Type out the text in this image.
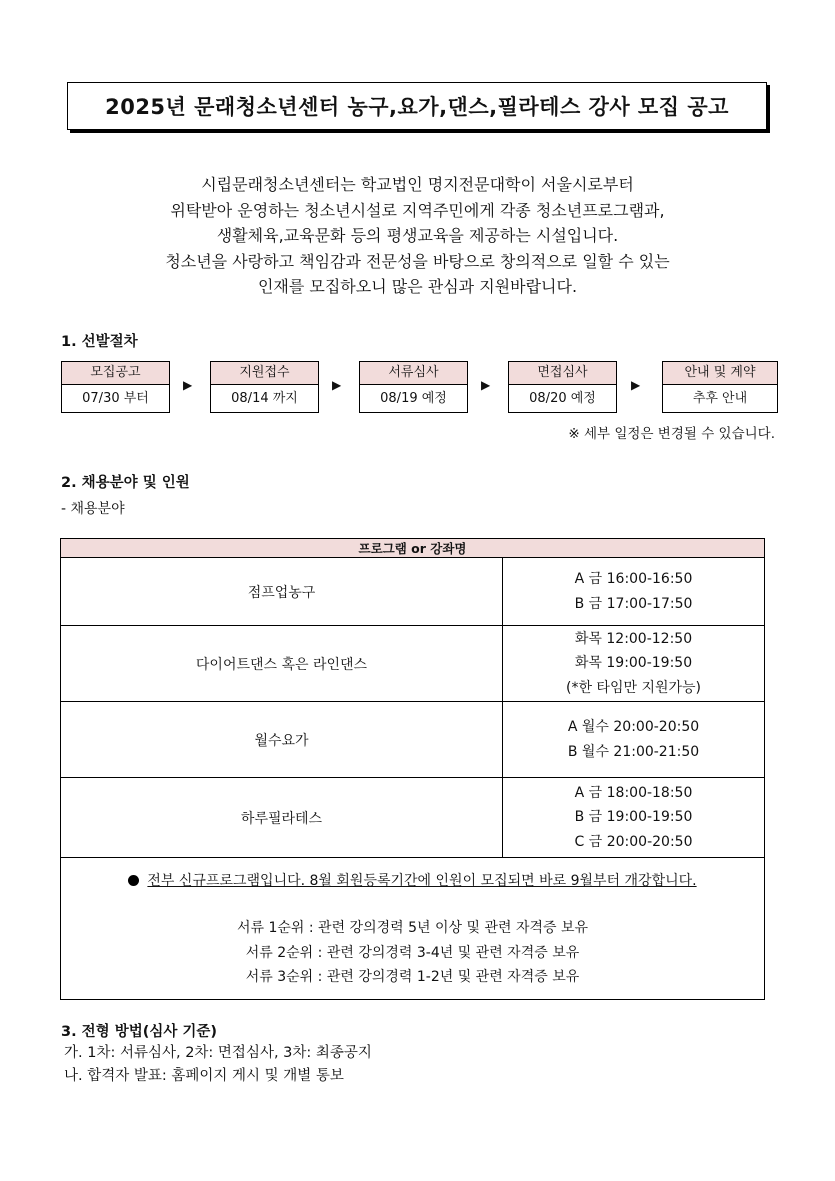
2025년 문래청소년센터 농구,요가,댄스,필라테스 강사 모집 공고
시립문래청소년센터는 학교법인 명지전문대학이 서울시로부터
위탁받아 운영하는 청소년시설로 지역주민에게 각종 청소년프로그램과,
생활체육,교육문화 등의 평생교육을 제공하는 시설입니다.
청소년을 사랑하고 책임감과 전문성을 바탕으로 창의적으로 일할 수 있는
인재를 모집하오니 많은 관심과 지원바랍니다.
1. 선발절차
모집공고
07/30 부터
▶
지원접수
08/14 까지
▶
서류심사
08/19 예정
▶
면접심사
08/20 예정
▶
안내 및 계약
추후 안내
※ 세부 일정은 변경될 수 있습니다.
2. 채용분야 및 인원
- 채용분야
프로그램 or 강좌명	
점프업농구	A 금 16:00-16:50
B 금 17:00-17:50

다이어트댄스 혹은 라인댄스	화목 12:00-12:50
화목 19:00-19:50
(*한 타임만 지원가능)

월수요가	A 월수 20:00-20:50
B 월수 21:00-21:50

하루필라테스	A 금 18:00-18:50
B 금 19:00-19:50
C 금 20:00-20:50

전부 신규프로그램입니다. 8월 회원등록기간에 인원이 모집되면 바로 9월부터 개강합니다.
서류 1순위 : 관련 강의경력 5년 이상 및 관련 자격증 보유
서류 2순위 : 관련 강의경력 3-4년 및 관련 자격증 보유
서류 3순위 : 관련 강의경력 1-2년 및 관련 자격증 보유	
3. 전형 방법(심사 기준)
가. 1차: 서류심사, 2차: 면접심사, 3차: 최종공지
나. 합격자 발표: 홈페이지 게시 및 개별 통보
